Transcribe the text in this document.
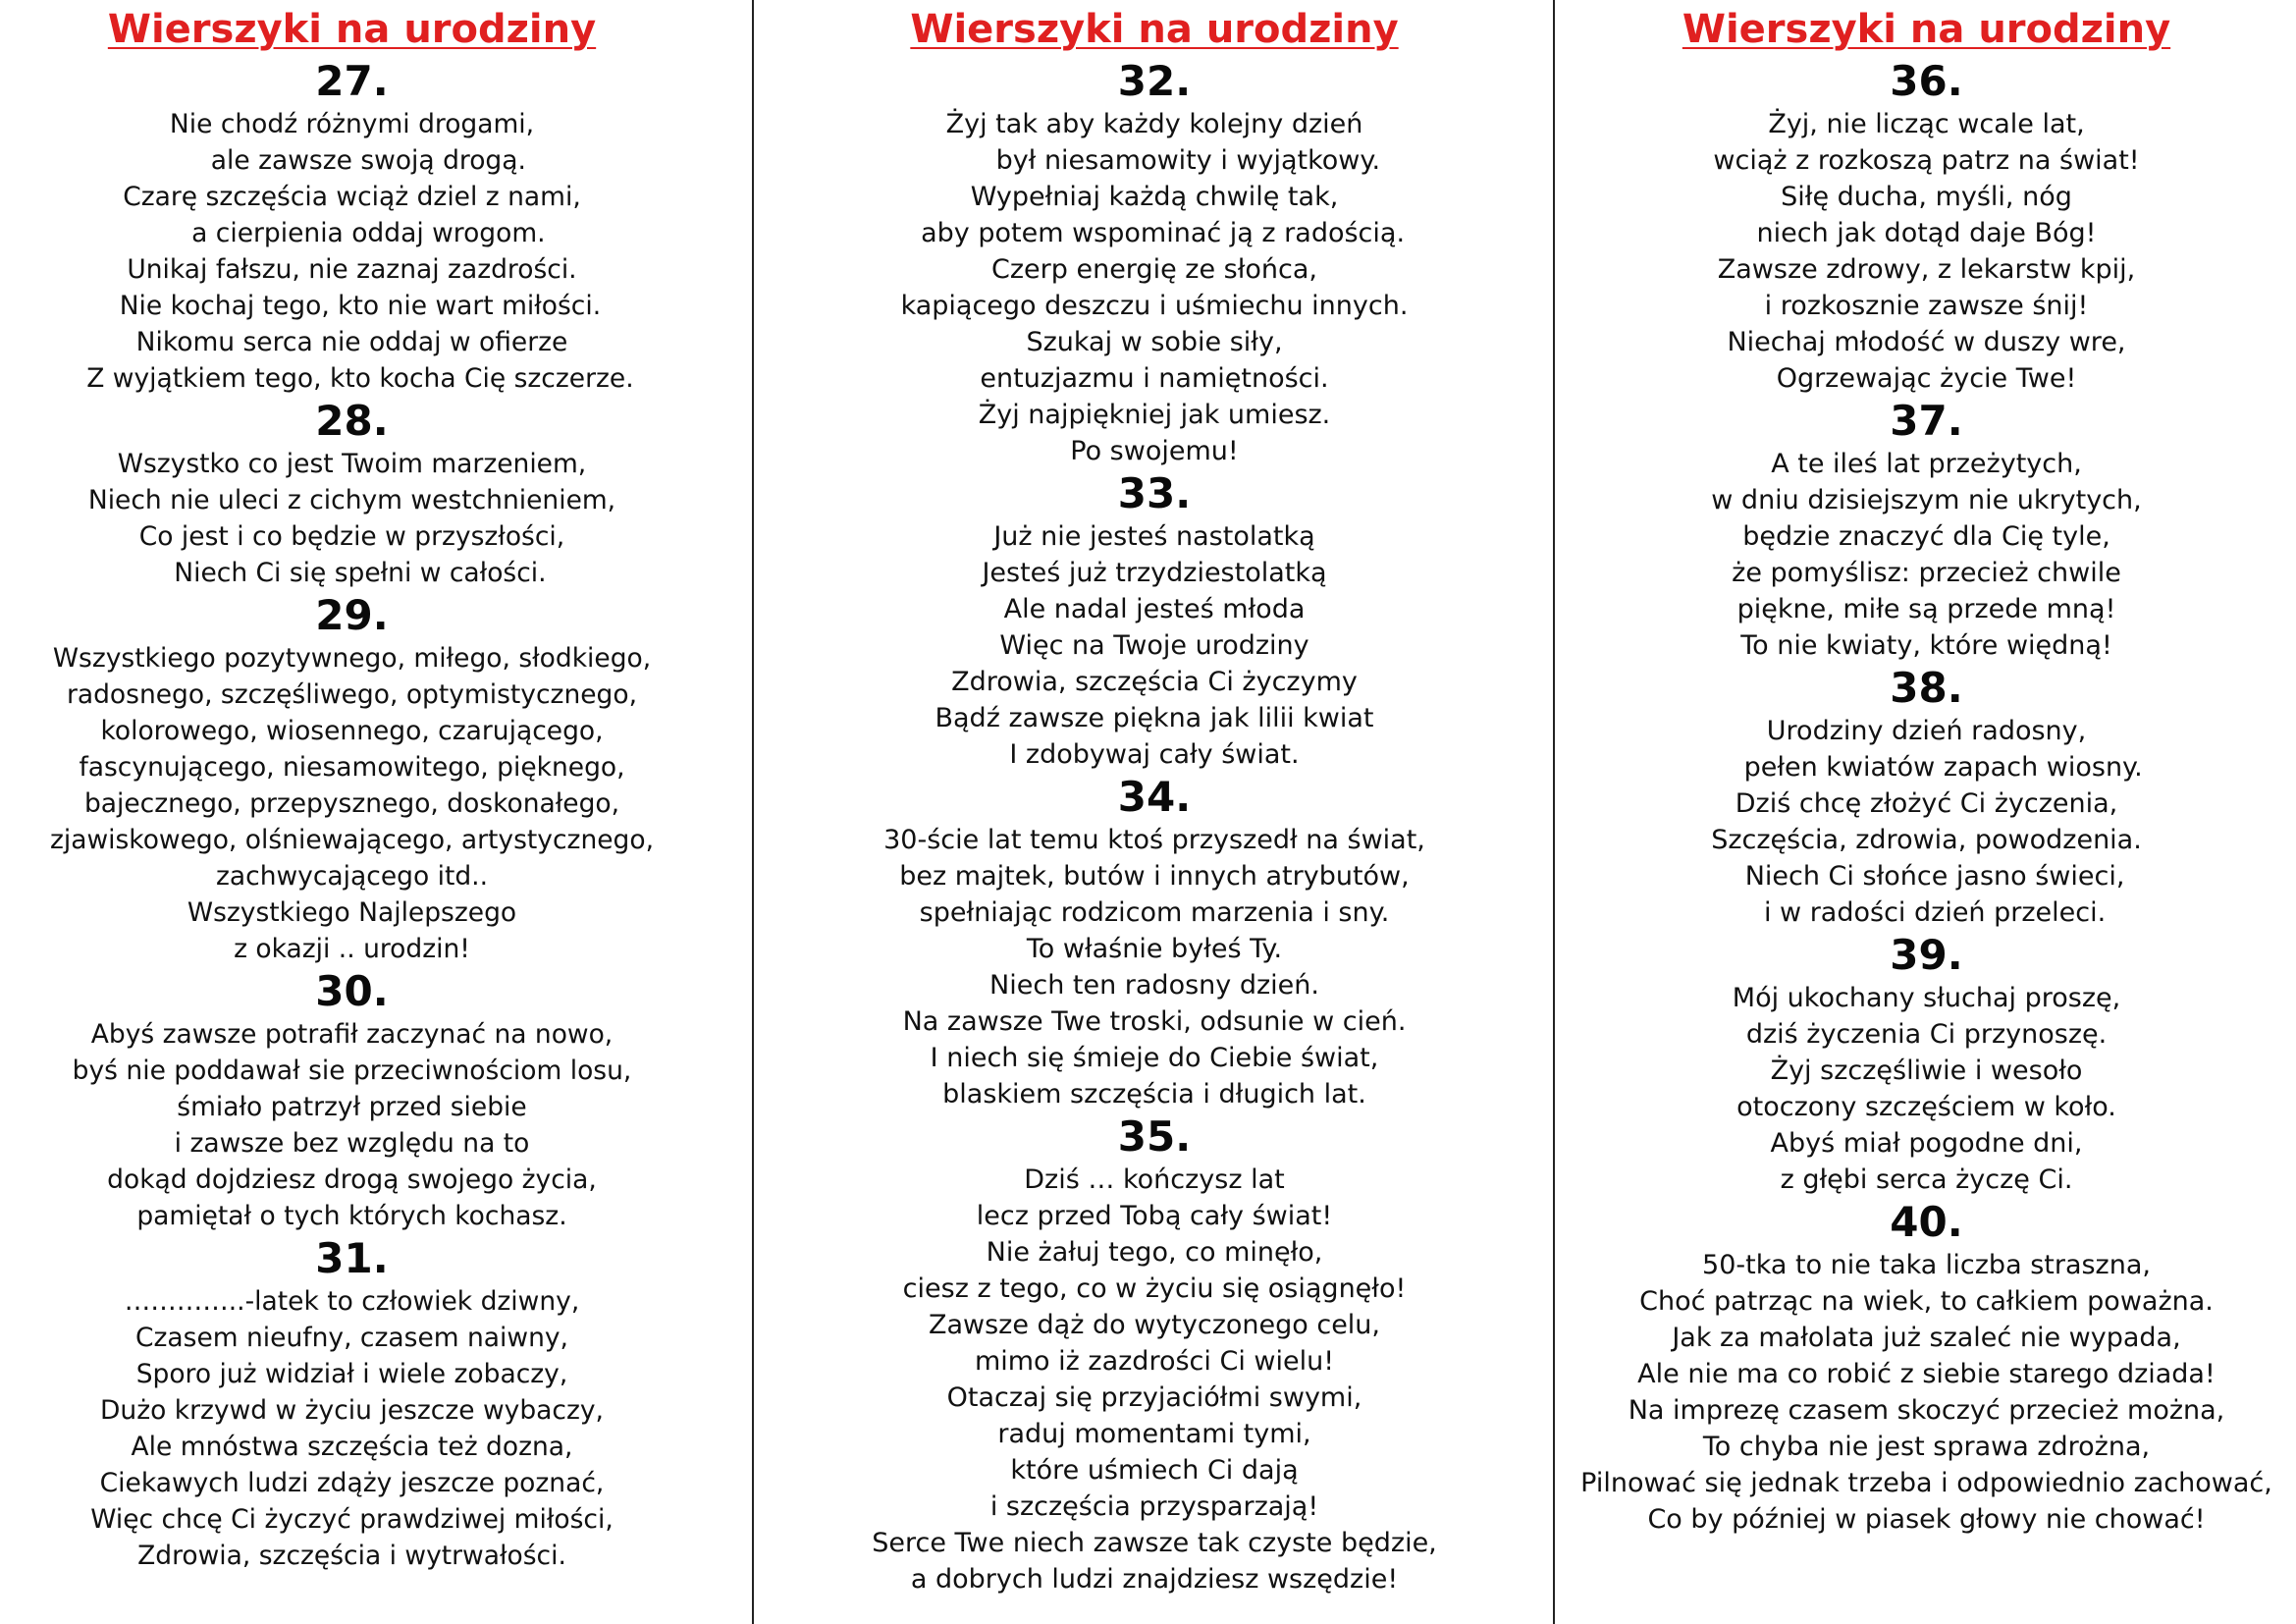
Wierszyki na urodziny
27.
Nie chodź różnymi drogami,
ale zawsze swoją drogą.
Czarę szczęścia wciąż dziel z nami,
a cierpienia oddaj wrogom.
Unikaj fałszu, nie zaznaj zazdrości.
Nie kochaj tego, kto nie wart miłości.
Nikomu serca nie oddaj w ofierze
Z wyjątkiem tego, kto kocha Cię szczerze.
28.
Wszystko co jest Twoim marzeniem,
Niech nie uleci z cichym westchnieniem,
Co jest i co będzie w przyszłości,
Niech Ci się spełni w całości.
29.
Wszystkiego pozytywnego, miłego, słodkiego,
radosnego, szczęśliwego, optymistycznego,
kolorowego, wiosennego, czarującego,
fascynującego, niesamowitego, pięknego,
bajecznego, przepysznego, doskonałego,
zjawiskowego, olśniewającego, artystycznego,
zachwycającego itd..
Wszystkiego Najlepszego
z okazji .. urodzin!
30.
Abyś zawsze potrafił zaczynać na nowo,
byś nie poddawał sie przeciwnościom losu,
śmiało patrzył przed siebie
i zawsze bez względu na to
dokąd dojdziesz drogą swojego życia,
pamiętał o tych których kochasz.
31.
…………..-latek to człowiek dziwny,
Czasem nieufny, czasem naiwny,
Sporo już widział i wiele zobaczy,
Dużo krzywd w życiu jeszcze wybaczy,
Ale mnóstwa szczęścia też dozna,
Ciekawych ludzi zdąży jeszcze poznać,
Więc chcę Ci życzyć prawdziwej miłości,
Zdrowia, szczęścia i wytrwałości.
Wierszyki na urodziny
32.
Żyj tak aby każdy kolejny dzień
był niesamowity i wyjątkowy.
Wypełniaj każdą chwilę tak,
aby potem wspominać ją z radością.
Czerp energię ze słońca,
kapiącego deszczu i uśmiechu innych.
Szukaj w sobie siły,
entuzjazmu i namiętności.
Żyj najpiękniej jak umiesz.
Po swojemu!
33.
Już nie jesteś nastolatką
Jesteś już trzydziestolatką
Ale nadal jesteś młoda
Więc na Twoje urodziny
Zdrowia, szczęścia Ci życzymy
Bądź zawsze piękna jak lilii kwiat
I zdobywaj cały świat.
34.
30-ście lat temu ktoś przyszedł na świat,
bez majtek, butów i innych atrybutów,
spełniając rodzicom marzenia i sny.
To właśnie byłeś Ty.
Niech ten radosny dzień.
Na zawsze Twe troski, odsunie w cień.
I niech się śmieje do Ciebie świat,
blaskiem szczęścia i długich lat.
35.
Dziś … kończysz lat
lecz przed Tobą cały świat!
Nie żałuj tego, co minęło,
ciesz z tego, co w życiu się osiągnęło!
Zawsze dąż do wytyczonego celu,
mimo iż zazdrości Ci wielu!
Otaczaj się przyjaciółmi swymi,
raduj momentami tymi,
które uśmiech Ci dają
i szczęścia przysparzają!
Serce Twe niech zawsze tak czyste będzie,
a dobrych ludzi znajdziesz wszędzie!
Wierszyki na urodziny
36.
Żyj, nie licząc wcale lat,
wciąż z rozkoszą patrz na świat!
Siłę ducha, myśli, nóg
niech jak dotąd daje Bóg!
Zawsze zdrowy, z lekarstw kpij,
i rozkosznie zawsze śnij!
Niechaj młodość w duszy wre,
Ogrzewając życie Twe!
37.
A te ileś lat przeżytych,
w dniu dzisiejszym nie ukrytych,
będzie znaczyć dla Cię tyle,
że pomyślisz: przecież chwile
piękne, miłe są przede mną!
To nie kwiaty, które więdną!
38.
Urodziny dzień radosny,
pełen kwiatów zapach wiosny.
Dziś chcę złożyć Ci życzenia,
Szczęścia, zdrowia, powodzenia.
Niech Ci słońce jasno świeci,
i w radości dzień przeleci.
39.
Mój ukochany słuchaj proszę,
dziś życzenia Ci przynoszę.
Żyj szczęśliwie i wesoło
otoczony szczęściem w koło.
Abyś miał pogodne dni,
z głębi serca życzę Ci.
40.
50-tka to nie taka liczba straszna,
Choć patrząc na wiek, to całkiem poważna.
Jak za małolata już szaleć nie wypada,
Ale nie ma co robić z siebie starego dziada!
Na imprezę czasem skoczyć przecież można,
To chyba nie jest sprawa zdrożna,
Pilnować się jednak trzeba i odpowiednio zachować,
Co by później w piasek głowy nie chować!
